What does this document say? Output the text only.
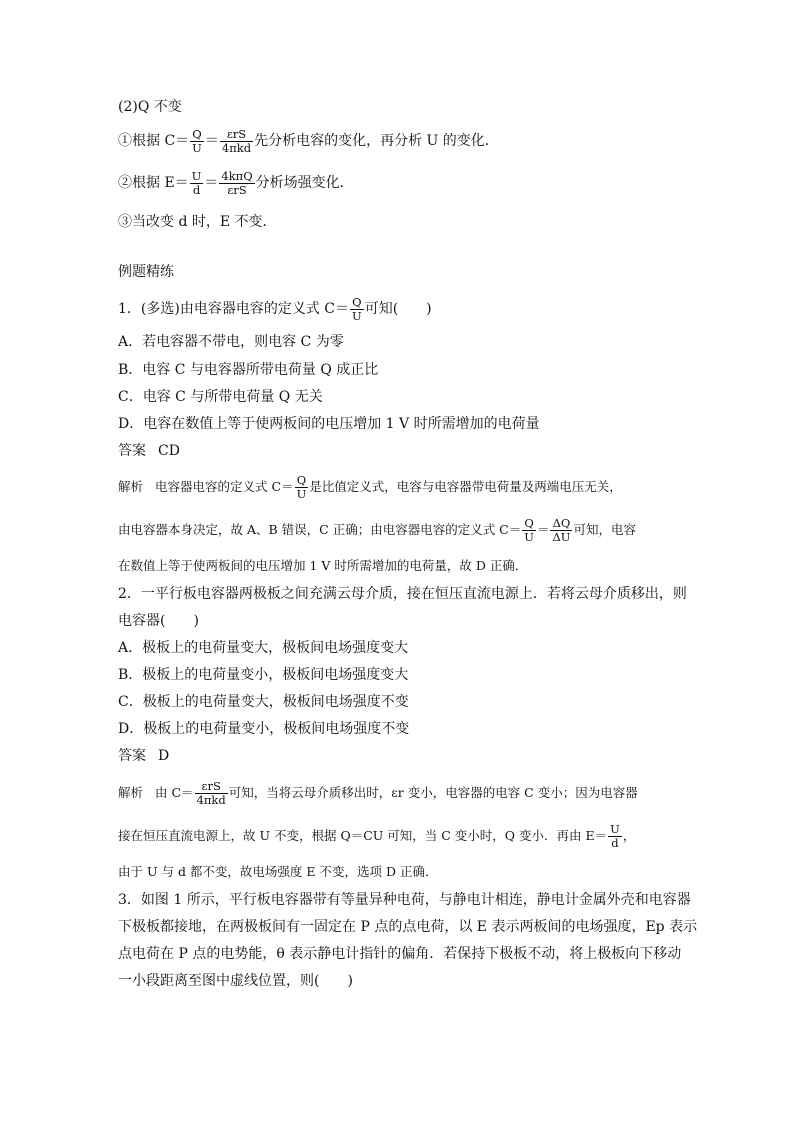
(2)Q 不变
①根据 $C= \frac{Q}{U} = \frac{\text{εrS}}{\text{4πkd}}$ 先分析电容的变化，再分析 U 的变化．
②根据 $E= \frac{U}{d} = \frac{\text{4kπQ}}{\text{εrS}}$ 分析场强变化．
③当改变 d 时，E 不变．
例题精练
1．(多选)由电容器电容的定义式 $C= \frac{Q}{U}$ 可知(　　)
A．若电容器不带电，则电容 C 为零
B．电容 C 与电容器所带电荷量 Q 成正比
C．电容 C 与所带电荷量 Q 无关
D．电容在数值上等于使两板间的电压增加 1 V 时所需增加的电荷量
答案 CD
解析 电容器电容的定义式 $C= \frac{Q}{U}$ 是比值定义式，电容与电容器带电荷量及两端电压无关，
由电容器本身决定，故 A、B 错误，C 正确；由电容器电容的定义式 $C= \frac{Q}{U} = \frac{\Delta Q}{\Delta U}$ 可知，电容
在数值上等于使两板间的电压增加 1 V 时所需增加的电荷量，故 D 正确．
2．一平行板电容器两极板之间充满云母介质，接在恒压直流电源上．若将云母介质移出，则
电容器(　　)
A．极板上的电荷量变大，极板间电场强度变大
B．极板上的电荷量变小，极板间电场强度变大
C．极板上的电荷量变大，极板间电场强度不变
D．极板上的电荷量变小，极板间电场强度不变
答案 D
解析 由 $C= \frac{\text{εrS}}{\text{4πkd}}$ 可知，当将云母介质移出时，εr 变小，电容器的电容 C 变小；因为电容器
接在恒压直流电源上，故 U 不变，根据 Q＝CU 可知，当 C 变小时，Q 变小．再由 $E= \frac{U}{d}$ ，
由于 U 与 d 都不变，故电场强度 E 不变，选项 D 正确．
3．如图 1 所示，平行板电容器带有等量异种电荷，与静电计相连，静电计金属外壳和电容器
下极板都接地，在两极板间有一固定在 P 点的点电荷，以 E 表示两板间的电场强度，Ep 表示
点电荷在 P 点的电势能，θ 表示静电计指针的偏角．若保持下极板不动，将上极板向下移动
一小段距离至图中虚线位置，则(　　)
